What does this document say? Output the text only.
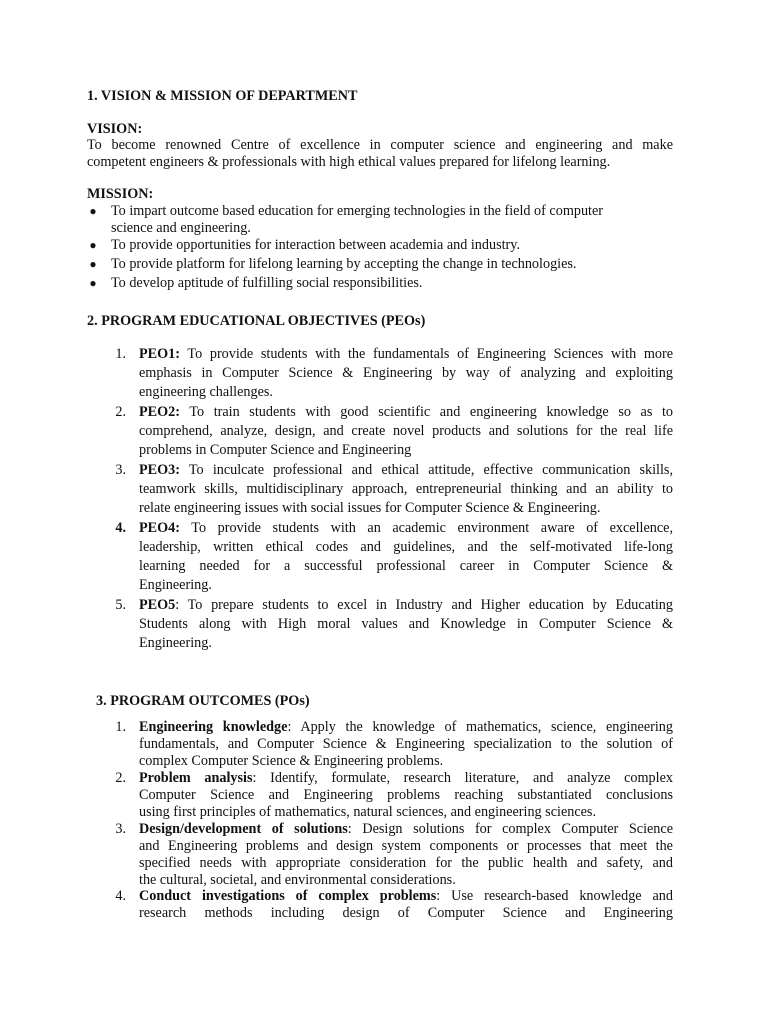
1. VISION & MISSION OF DEPARTMENT
VISION:
To become renowned Centre of excellence in computer science and engineering and make
competent engineers & professionals with high ethical values prepared for lifelong learning.
MISSION:
● To impart outcome based education for emerging technologies in the field of computer
science and engineering.
● To provide opportunities for interaction between academia and industry.
● To provide platform for lifelong learning by accepting the change in technologies.
● To develop aptitude of fulfilling social responsibilities.
2. PROGRAM EDUCATIONAL OBJECTIVES (PEOs)
1. PEO1: To provide students with the fundamentals of Engineering Sciences with more
emphasis in Computer Science & Engineering by way of analyzing and exploiting
engineering challenges.
2. PEO2: To train students with good scientific and engineering knowledge so as to
comprehend, analyze, design, and create novel products and solutions for the real life
problems in Computer Science and Engineering
3. PEO3: To inculcate professional and ethical attitude, effective communication skills,
teamwork skills, multidisciplinary approach, entrepreneurial thinking and an ability to
relate engineering issues with social issues for Computer Science & Engineering.
4. PEO4: To provide students with an academic environment aware of excellence,
leadership, written ethical codes and guidelines, and the self-motivated life-long
learning needed for a successful professional career in Computer Science &
Engineering.
5. PEO5: To prepare students to excel in Industry and Higher education by Educating
Students along with High moral values and Knowledge in Computer Science &
Engineering.
3. PROGRAM OUTCOMES (POs)
1. Engineering knowledge: Apply the knowledge of mathematics, science, engineering
fundamentals, and Computer Science & Engineering specialization to the solution of
complex Computer Science & Engineering problems.
2. Problem analysis: Identify, formulate, research literature, and analyze complex
Computer Science and Engineering problems reaching substantiated conclusions
using first principles of mathematics, natural sciences, and engineering sciences.
3. Design/development of solutions: Design solutions for complex Computer Science
and Engineering problems and design system components or processes that meet the
specified needs with appropriate consideration for the public health and safety, and
the cultural, societal, and environmental considerations.
4. Conduct investigations of complex problems: Use research-based knowledge and
research methods including design of Computer Science and Engineering
